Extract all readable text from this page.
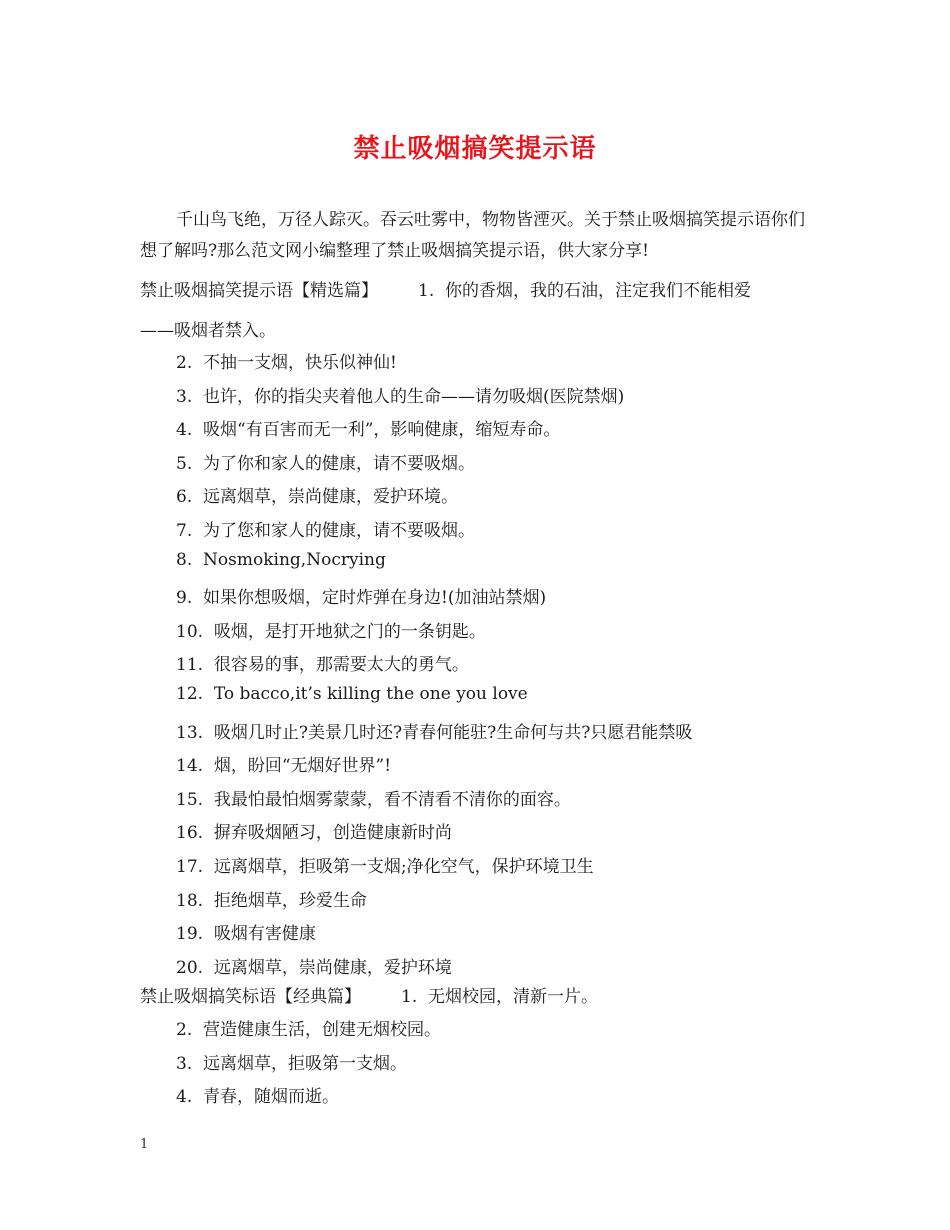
禁止吸烟搞笑提示语

千山鸟飞绝，万径人踪灭。吞云吐雾中，物物皆湮灭。关于禁止吸烟搞笑提示语你们想了解吗?那么范文网小编整理了禁止吸烟搞笑提示语，供大家分享!

禁止吸烟搞笑提示语【精选篇】 1. 你的香烟，我的石油，注定我们不能相爱
——吸烟者禁入。
2. 不抽一支烟，快乐似神仙!
3. 也许，你的指尖夹着他人的生命——请勿吸烟(医院禁烟)
4. 吸烟“有百害而无一利”，影响健康，缩短寿命。
5. 为了你和家人的健康，请不要吸烟。
6. 远离烟草，崇尚健康，爱护环境。
7. 为了您和家人的健康，请不要吸烟。
8. Nosmoking,Nocrying
9. 如果你想吸烟，定时炸弹在身边!(加油站禁烟)
10. 吸烟，是打开地狱之门的一条钥匙。
11. 很容易的事，那需要太大的勇气。
12. To bacco,it’s killing the one you love
13. 吸烟几时止?美景几时还?青春何能驻?生命何与共?只愿君能禁吸
14. 烟，盼回“无烟好世界”!
15. 我最怕最怕烟雾蒙蒙，看不清看不清你的面容。
16. 摒弃吸烟陋习，创造健康新时尚
17. 远离烟草，拒吸第一支烟;净化空气，保护环境卫生
18. 拒绝烟草，珍爱生命
19. 吸烟有害健康
20. 远离烟草，崇尚健康，爱护环境
禁止吸烟搞笑标语【经典篇】 1. 无烟校园，清新一片。
2. 营造健康生活，创建无烟校园。
3. 远离烟草，拒吸第一支烟。
4. 青春，随烟而逝。
1
